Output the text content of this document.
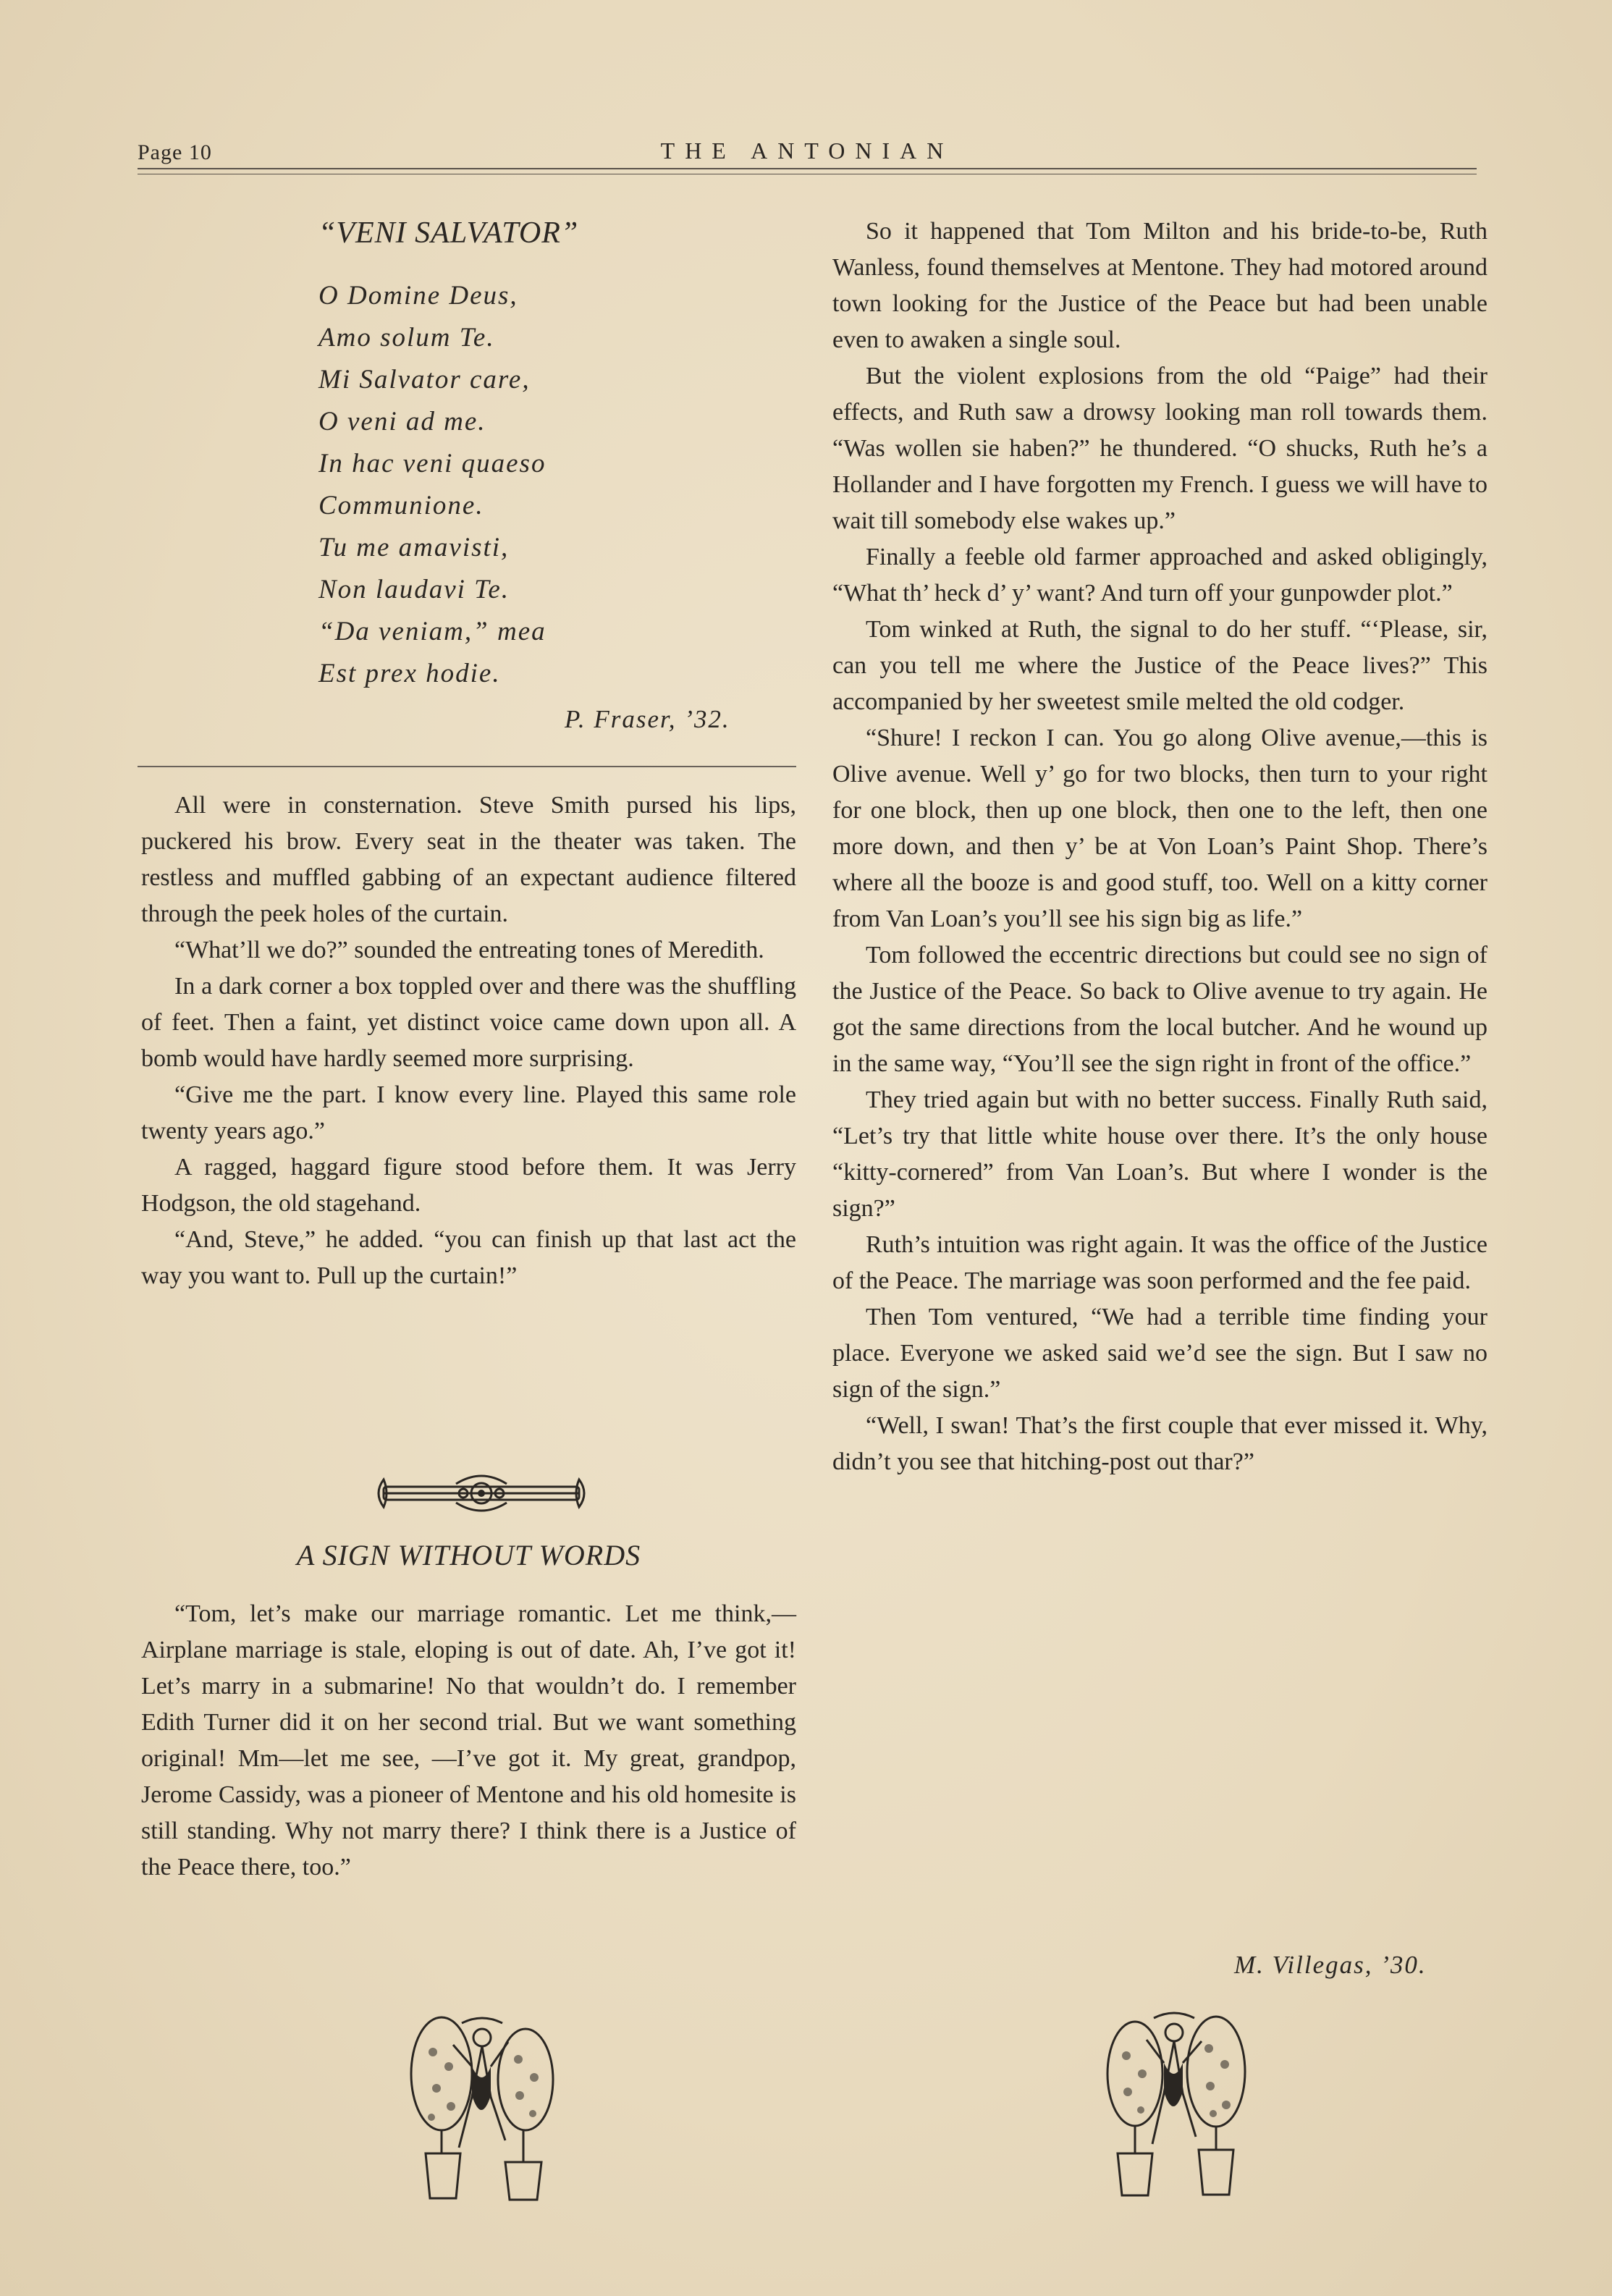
Page 10	THE ANTONIAN
“VENI SALVATOR”
O Domine Deus,
Amo solum Te.
Mi Salvator care,
O veni ad me.
In hac veni quaeso
Communione.
Tu me amavisti,
Non laudavi Te.
“Da veniam,” mea
Est prex hodie.
P. Fraser, ’32.

All were in consternation. Steve Smith pursed his lips, puckered his brow. Every seat in the theater was taken. The restless and muffled gabbing of an expectant audience filtered through the peek holes of the curtain.

“What’ll we do?” sounded the entreating tones of Meredith.

In a dark corner a box toppled over and there was the shuffling of feet. Then a faint, yet distinct voice came down upon all. A bomb would have hardly seemed more surprising.

“Give me the part. I know every line. Played this same role twenty years ago.”

A ragged, haggard figure stood before them. It was Jerry Hodgson, the old stagehand.

“And, Steve,” he added. “you can finish up that last act the way you want to. Pull up the curtain!”

A SIGN WITHOUT WORDS

“Tom, let’s make our marriage romantic. Let me think,—Airplane marriage is stale, eloping is out of date. Ah, I’ve got it! Let’s marry in a submarine! No that wouldn’t do. I remember Edith Turner did it on her second trial. But we want something original! Mm—let me see, —I’ve got it. My great, grandpop, Jerome Cassidy, was a pioneer of Mentone and his old homesite is still standing. Why not marry there? I think there is a Justice of the Peace there, too.”

So it happened that Tom Milton and his bride-to-be, Ruth Wanless, found themselves at Mentone. They had motored around town looking for the Justice of the Peace but had been unable even to awaken a single soul.

But the violent explosions from the old “Paige” had their effects, and Ruth saw a drowsy looking man roll towards them. “Was wollen sie haben?” he thundered. “O shucks, Ruth he’s a Hollander and I have forgotten my French. I guess we will have to wait till somebody else wakes up.”

Finally a feeble old farmer approached and asked obligingly, “What th’ heck d’ y’ want? And turn off your gunpowder plot.”

Tom winked at Ruth, the signal to do her stuff. “‘Please, sir, can you tell me where the Justice of the Peace lives?” This accompanied by her sweetest smile melted the old codger.

“Shure! I reckon I can. You go along Olive avenue,—this is Olive avenue. Well y’ go for two blocks, then turn to your right for one block, then up one block, then one to the left, then one more down, and then y’ be at Von Loan’s Paint Shop. There’s where all the booze is and good stuff, too. Well on a kitty corner from Van Loan’s you’ll see his sign big as life.”

Tom followed the eccentric directions but could see no sign of the Justice of the Peace. So back to Olive avenue to try again. He got the same directions from the local butcher. And he wound up in the same way, “You’ll see the sign right in front of the office.”

They tried again but with no better success. Finally Ruth said, “Let’s try that little white house over there. It’s the only house “kitty-cornered” from Van Loan’s. But where I wonder is the sign?”

Ruth’s intuition was right again. It was the office of the Justice of the Peace. The marriage was soon performed and the fee paid.

Then Tom ventured, “We had a terrible time finding your place. Everyone we asked said we’d see the sign. But I saw no sign of the sign.”

“Well, I swan! That’s the first couple that ever missed it. Why, didn’t you see that hitching-post out thar?”

M. Villegas, ’30.
